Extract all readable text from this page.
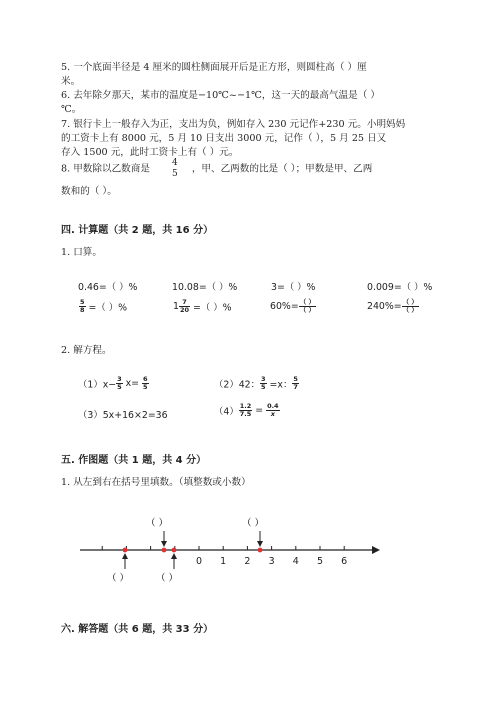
5. 一个底面半径是 4 厘米的圆柱侧面展开后是正方形，则圆柱高（ ）厘
米。
6. 去年除夕那天，某市的温度是−10℃~−1℃，这一天的最高气温是（ ）
℃。
7. 银行卡上一般存入为正，支出为负，例如存入 230 元记作+230 元。小明妈妈
的工资卡上有 8000 元，5 月 10 日支出 3000 元，记作（ ），5 月 25 日又
存入 1500 元，此时工资卡上有（ ）元。
8. 甲数除以乙数商是
4
5 ，甲、乙两数的比是（ ）；甲数是甲、乙两
数和的（ ）。
四. 计算题（共 2 题，共 16 分）
1. 口算。
0.46=（ ）%	10.08=（ ）%	3=（ ）%	0.009=（ ）%
$\frac{5}{8}$ =（ ）%	$1 \frac{7}{20}$ =（ ）%	$60\%= \frac{( )}{( )}$	$240\%= \frac{( )}{( )}$
2. 解方程。
$(1)x- \frac{3}{5} x= \frac{6}{5}$	（2）42： $\frac{3}{5} =x$： $\frac{5}{7}$
（3）5x+16×2=36	$(4) \frac{1.2}{7.5} = \frac{0.4}{x}$
五. 作图题（共 1 题，共 4 分）
1. 从左到右在括号里填数。（填整数或小数）
0 1 2 3 4 5 6
（ ）	（ ）
（ ）	（ ）
六. 解答题（共 6 题，共 33 分）
